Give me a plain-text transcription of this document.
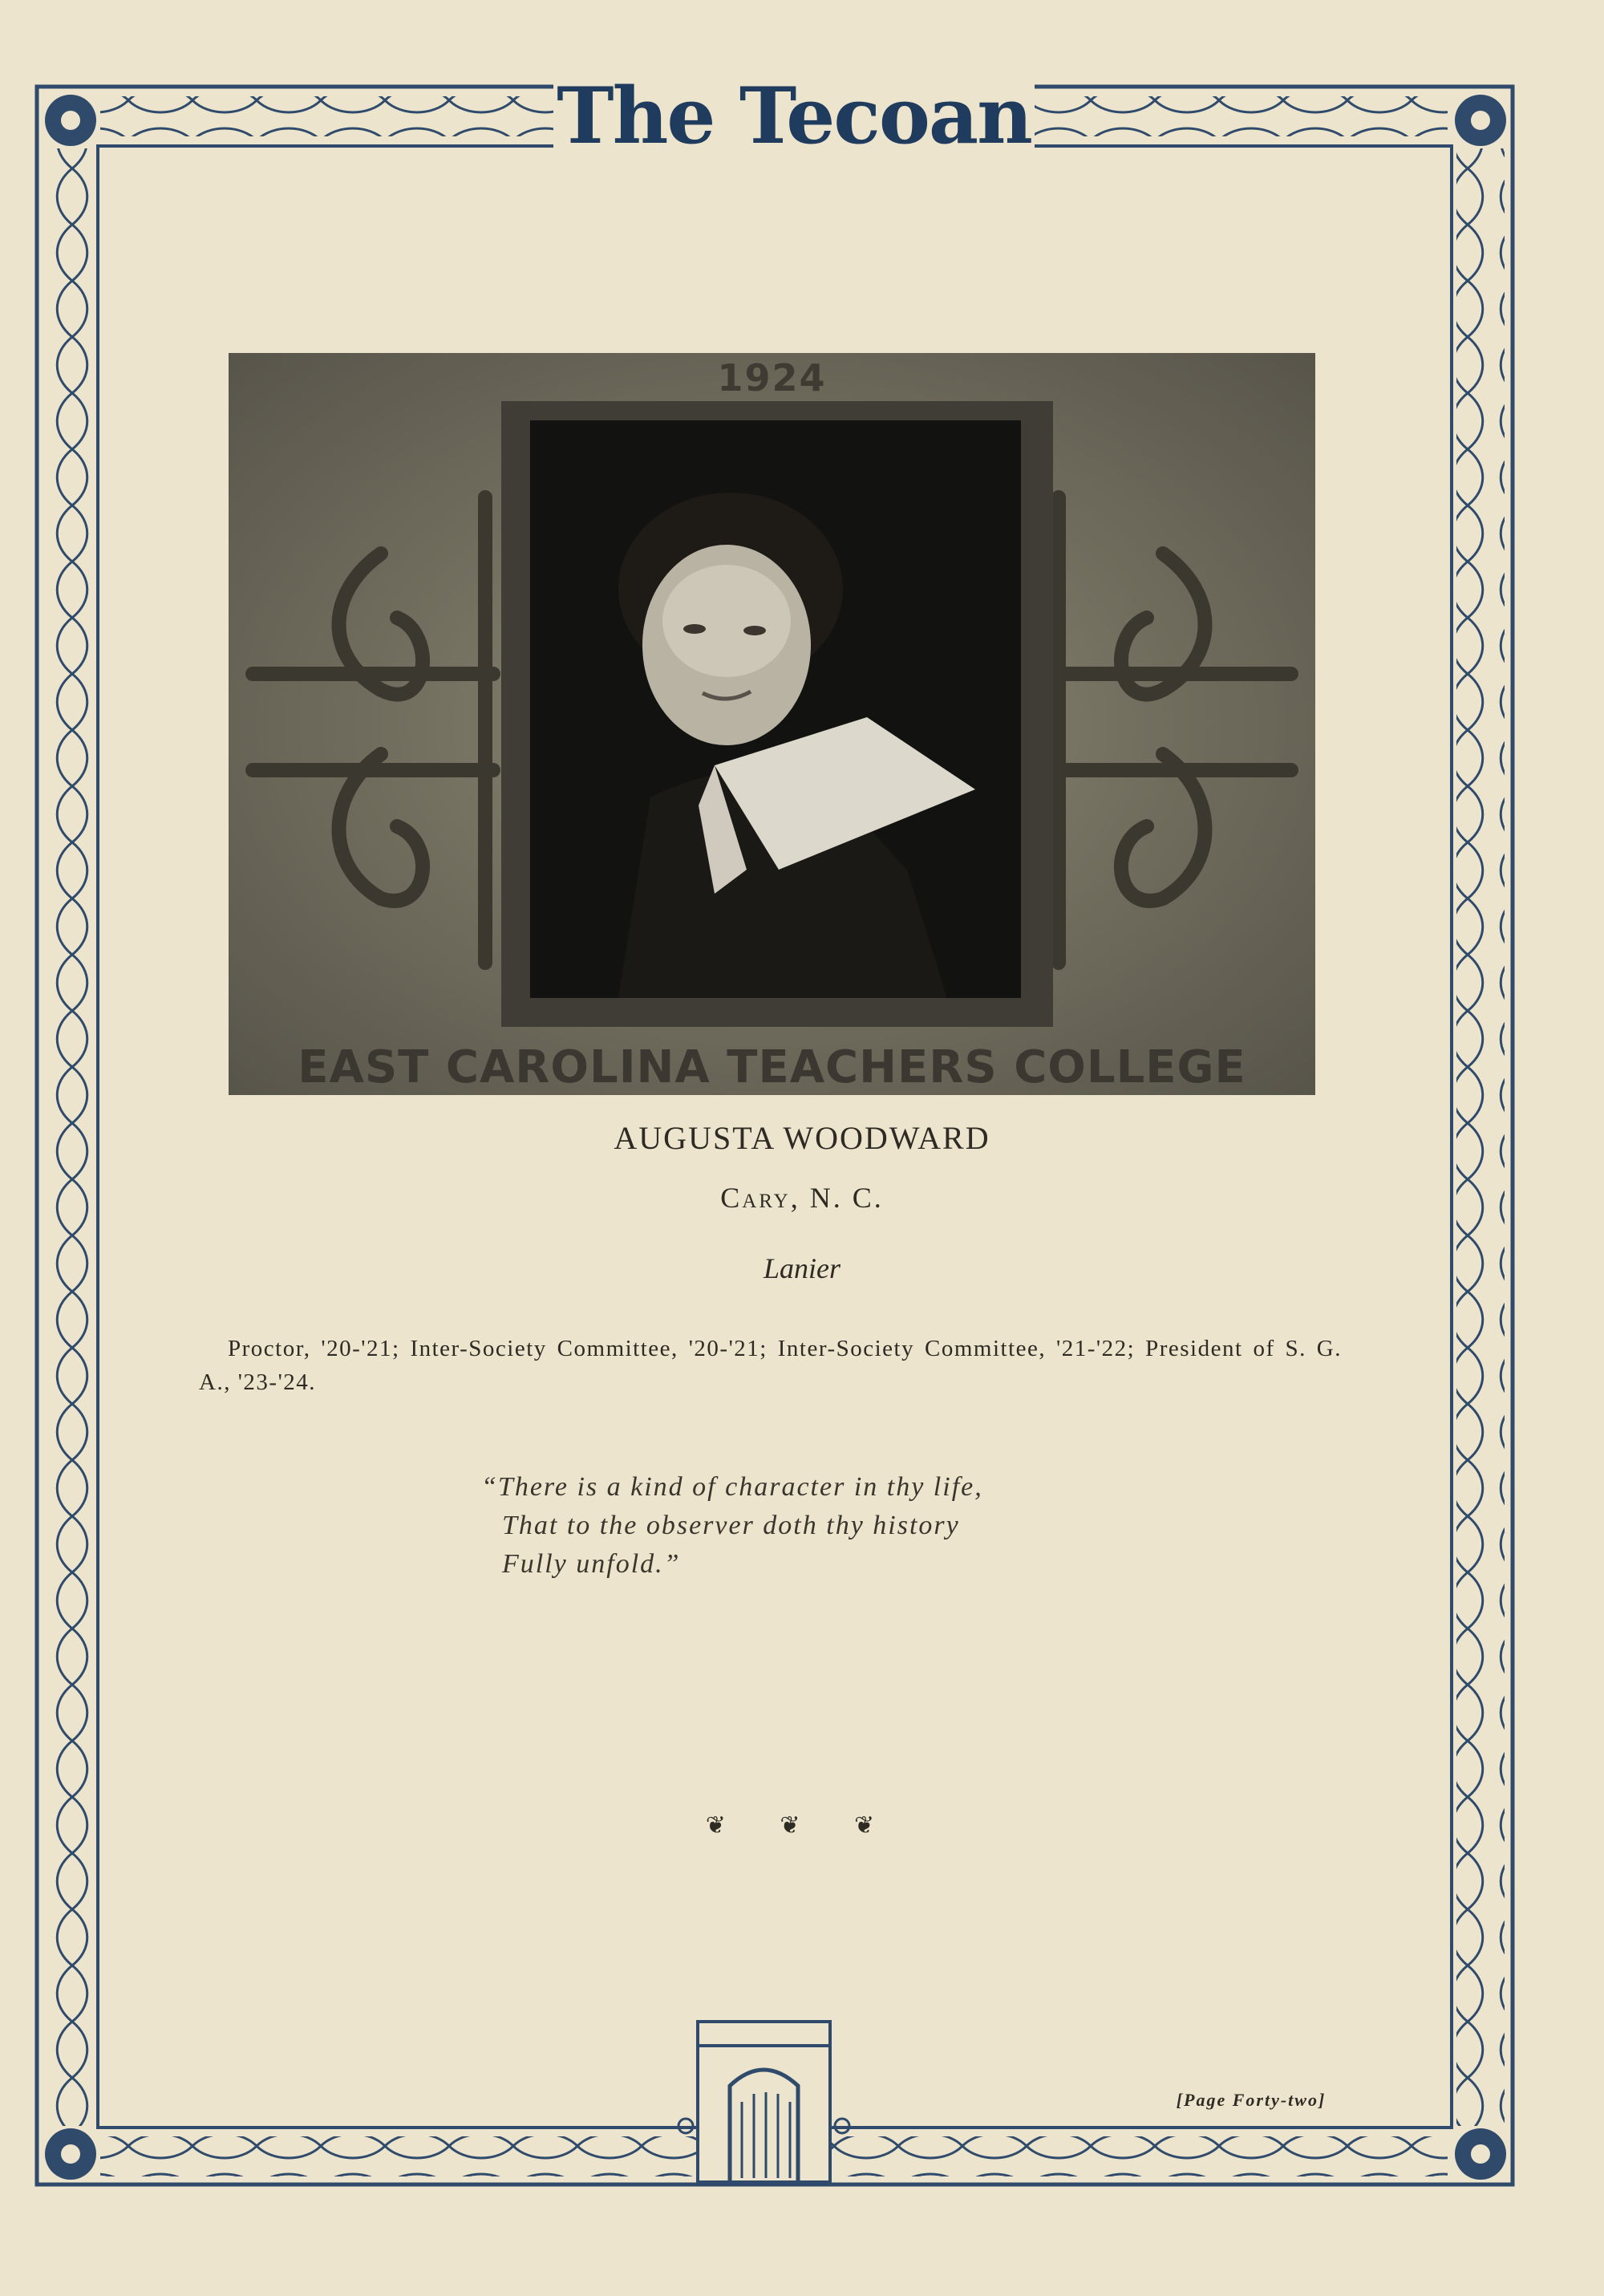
The Tecoan
1924
EAST CAROLINA TEACHERS COLLEGE
AUGUSTA WOODWARD
Cary, N. C.
Lanier
Proctor, '20-'21; Inter-Society Committee, '20-'21; Inter-Society Committee, '21-'22; President of S. G. A., '23-'24.
“There is a kind of character in thy life,
That to the observer doth thy history
Fully unfold.”
❦ ❦ ❦
[Page Forty-two]
